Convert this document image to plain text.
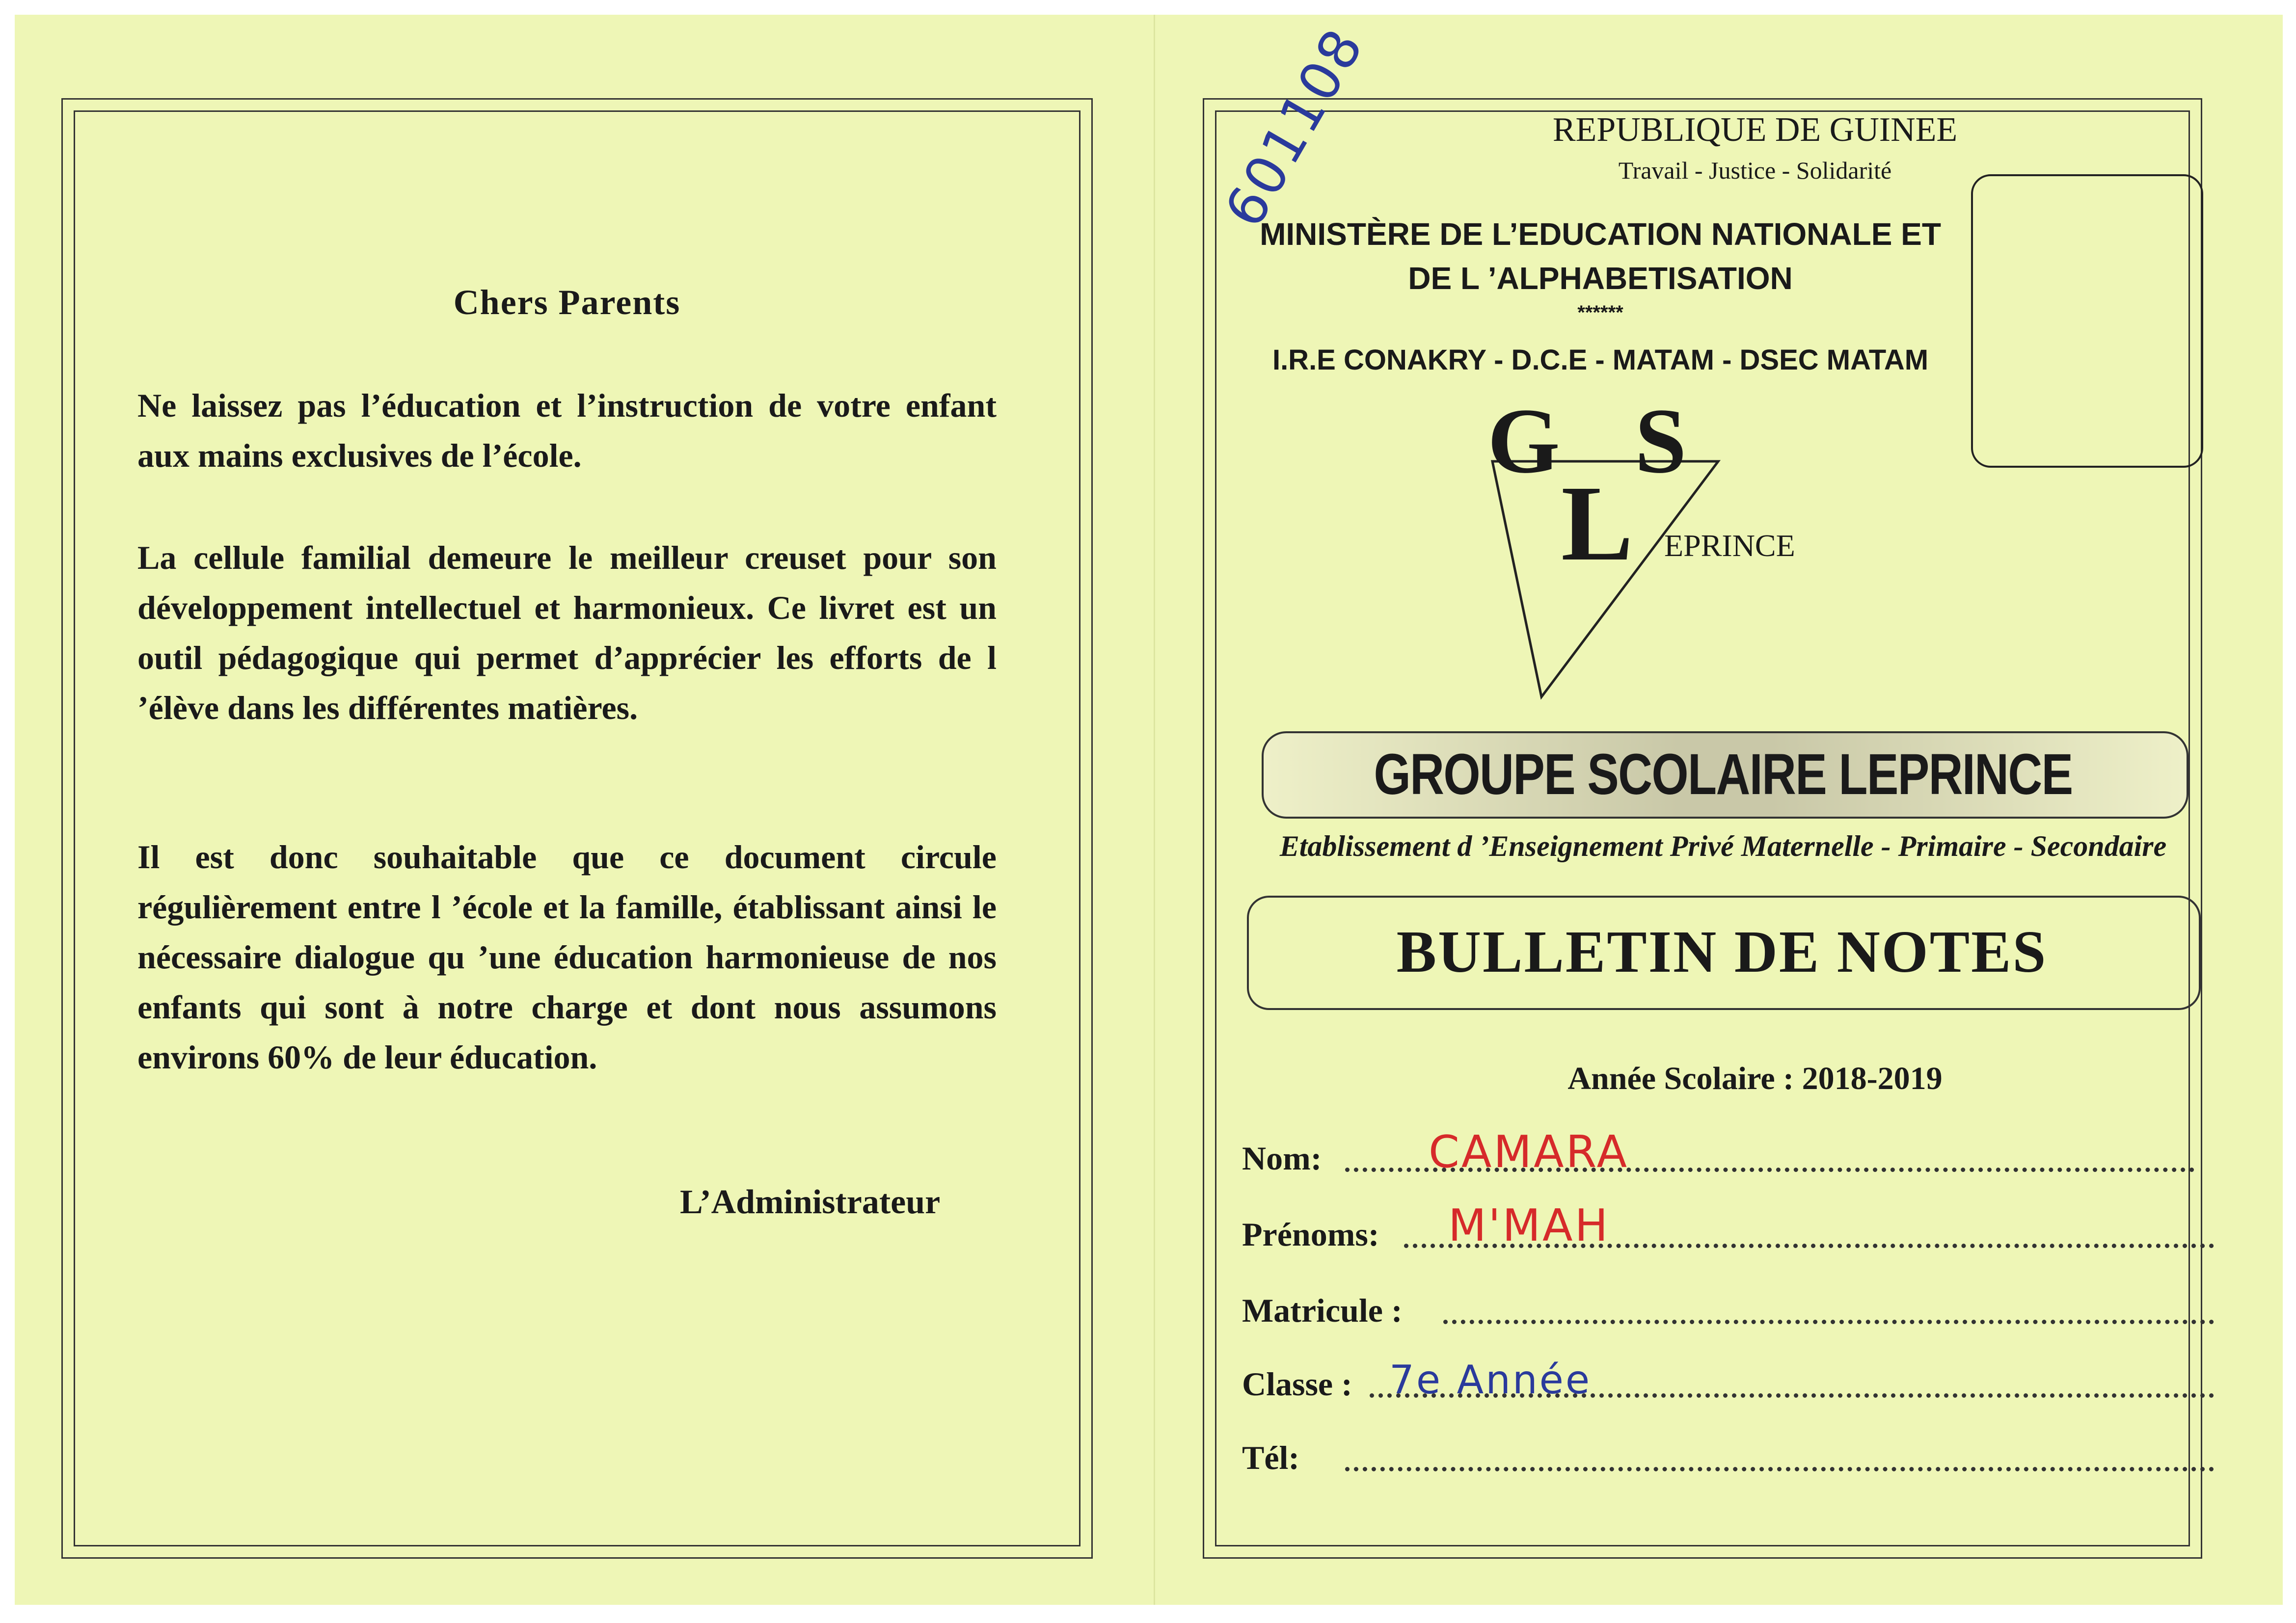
Chers Parents
Ne laissez pas l’éducation et l’instruction de votre enfant aux mains exclusives de l’école.
La cellule familial demeure le meilleur creuset pour son développement intellectuel et harmonieux. Ce livret est un outil pédagogique qui permet d’apprécier les efforts de l ’élève dans les différentes matières.
Il est donc souhaitable que ce document circule régulièrement entre l ’école et la famille, établissant ainsi le nécessaire dialogue qu ’une éducation harmonieuse de nos enfants qui sont à notre charge et dont nous assumons environs 60% de leur éducation.
L’Administrateur
601108	REPUBLIQUE DE GUINEE
Travail - Justice - Solidarité
MINISTÈRE DE L’EDUCATION NATIONALE ET
DE L ’ALPHABETISATION
******
I.R.E CONAKRY - D.C.E - MATAM - DSEC MATAM
G S
L EPRINCE
GROUPE SCOLAIRE LEPRINCE
Etablissement d ’Enseignement Privé Maternelle - Primaire - Secondaire
BULLETIN DE NOTES
Année Scolaire : 2018-2019
Nom: CAMARA
Prénoms: M'MAH
Matricule :
Classe : 7e Année
Tél:
